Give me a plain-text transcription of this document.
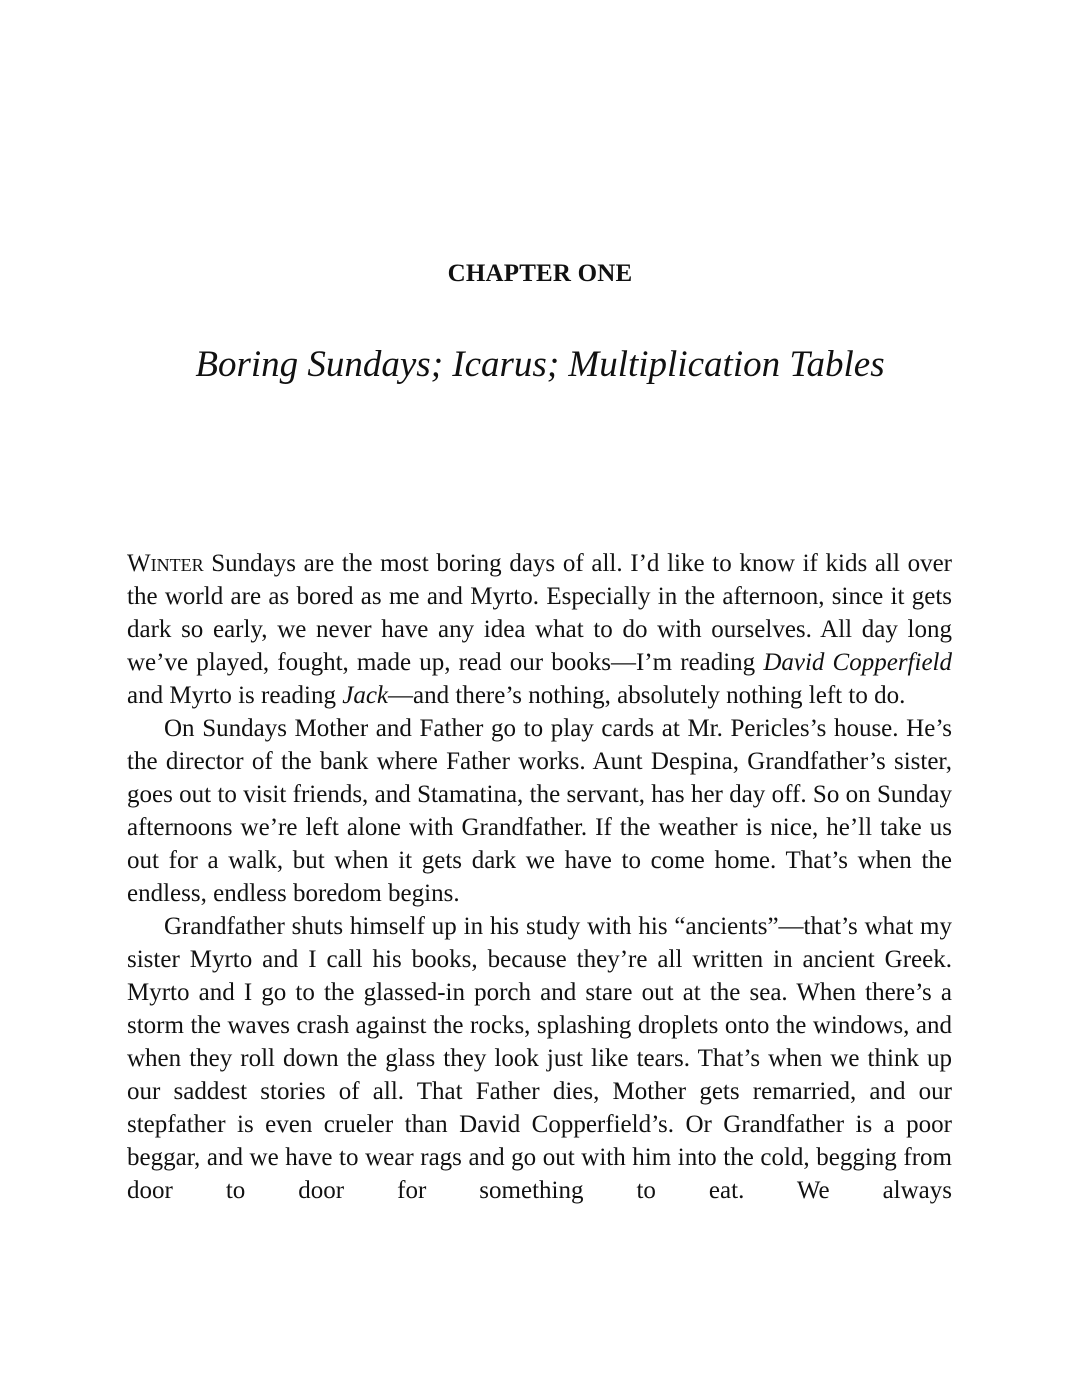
CHAPTER ONE
Boring Sundays; Icarus; Multiplication Tables

Winter Sundays are the most boring days of all. I’d like to know if kids all over the world are as bored as me and Myrto. Especially in the afternoon, since it gets dark so early, we never have any idea what to do with ourselves. All day long we’ve played, fought, made up, read our books—I’m reading David Copperfield and Myrto is reading Jack—and there’s nothing, absolutely nothing left to do.

On Sundays Mother and Father go to play cards at Mr. Pericles’s house. He’s the director of the bank where Father works. Aunt Despina, Grandfather’s sister, goes out to visit friends, and Stamatina, the servant, has her day off. So on Sunday afternoons we’re left alone with Grandfather. If the weather is nice, he’ll take us out for a walk, but when it gets dark we have to come home. That’s when the endless, endless boredom begins.

Grandfather shuts himself up in his study with his “ancients”—that’s what my sister Myrto and I call his books, because they’re all written in ancient Greek. Myrto and I go to the glassed-in porch and stare out at the sea. When there’s a storm the waves crash against the rocks, splashing droplets onto the windows, and when they roll down the glass they look just like tears. That’s when we think up our saddest stories of all. That Father dies, Mother gets remarried, and our stepfather is even crueler than David Copperfield’s. Or Grandfather is a poor beggar, and we have to wear rags and go out with him into the cold, begging from door to door for something to eat. We always
